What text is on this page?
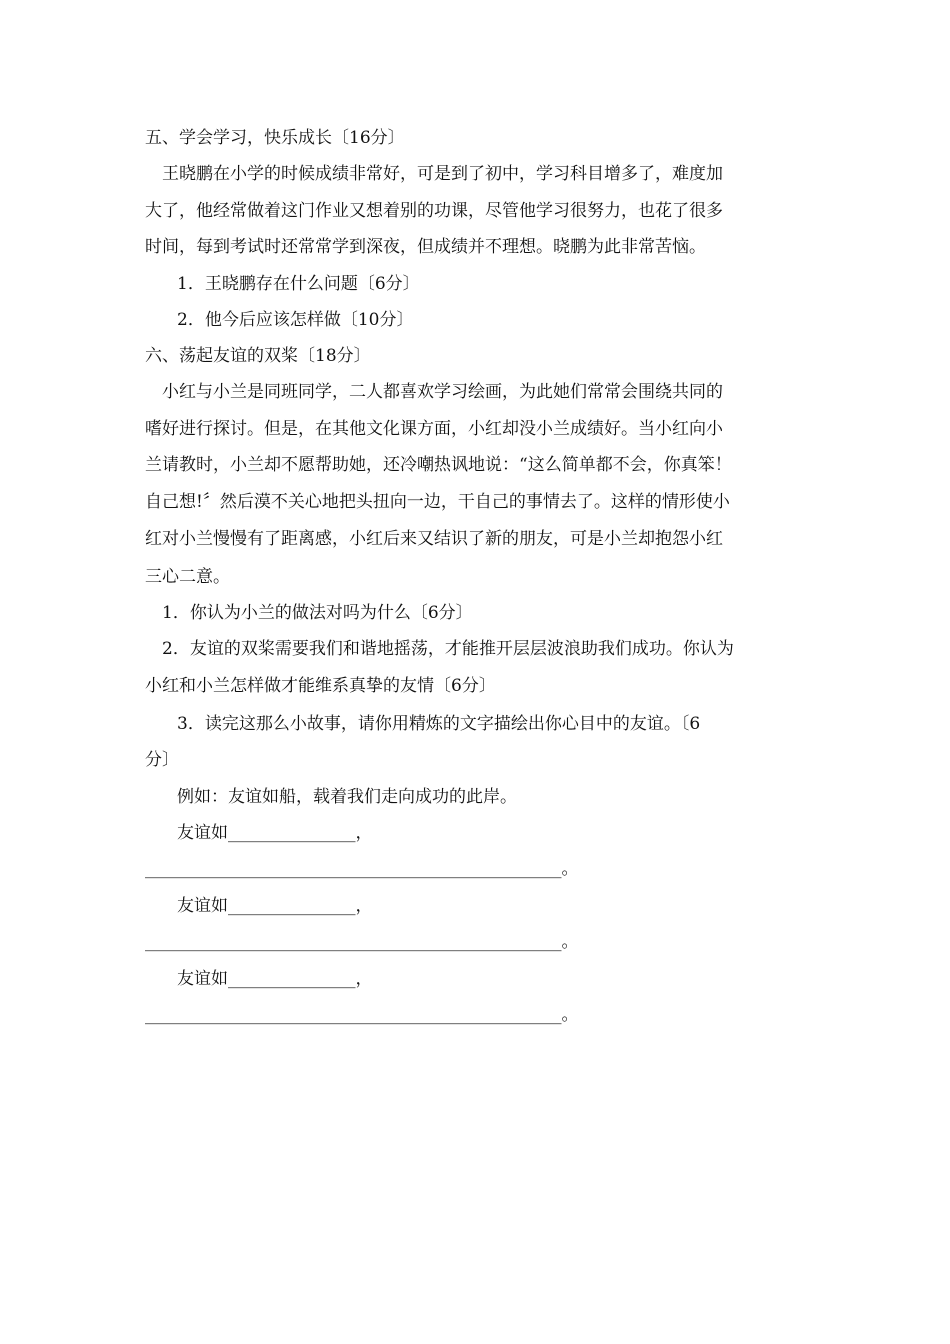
五、学会学习，快乐成长〔16分〕
王晓鹏在小学的时候成绩非常好，可是到了初中，学习科目增多了，难度加
大了，他经常做着这门作业又想着别的功课，尽管他学习很努力，也花了很多
时间，每到考试时还常常学到深夜，但成绩并不理想。晓鹏为此非常苦恼。
1．王晓鹏存在什么问题〔6分〕
2．他今后应该怎样做〔10分〕
六、荡起友谊的双桨〔18分〕
小红与小兰是同班同学，二人都喜欢学习绘画，为此她们常常会围绕共同的
嗜好进行探讨。但是，在其他文化课方面，小红却没小兰成绩好。当小红向小
兰请教时，小兰却不愿帮助她，还冷嘲热讽地说：“这么简单都不会，你真笨！
自己想!〞然后漠不关心地把头扭向一边，干自己的事情去了。这样的情形使小
红对小兰慢慢有了距离感，小红后来又结识了新的朋友，可是小兰却抱怨小红
三心二意。
1．你认为小兰的做法对吗为什么〔6分〕
2．友谊的双桨需要我们和谐地摇荡，才能推开层层波浪助我们成功。你认为
小红和小兰怎样做才能维系真挚的友情〔6分〕
3．读完这那么小故事，请你用精炼的文字描绘出你心目中的友谊。〔6
分〕
例如：友谊如船，载着我们走向成功的此岸。
友谊如_______________，
_________________________________________________。
友谊如_______________，
_________________________________________________。
友谊如_______________，
_________________________________________________。
